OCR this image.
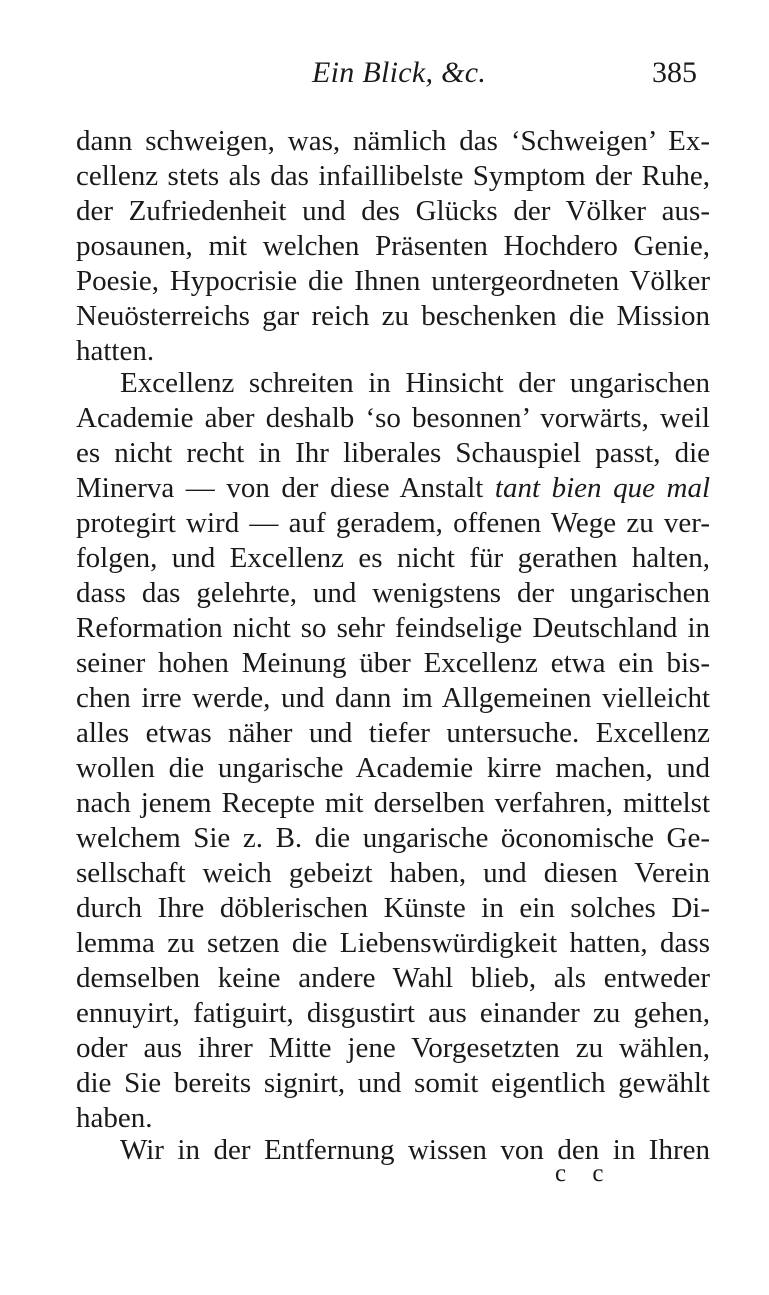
Ein Blick, &c.	385
dann schweigen, was, nämlich das ‘Schweigen’ Ex-
cellenz stets als das infaillibelste Symptom der Ruhe,
der Zufriedenheit und des Glücks der Völker aus-
posaunen, mit welchen Präsenten Hochdero Genie,
Poesie, Hypocrisie die Ihnen untergeordneten Völker
Neuösterreichs gar reich zu beschenken die Mission
hatten.
Excellenz schreiten in Hinsicht der ungarischen
Academie aber deshalb ‘so besonnen’ vorwärts, weil
es nicht recht in Ihr liberales Schauspiel passt, die
Minerva — von der diese Anstalt tant bien que mal
protegirt wird — auf geradem, offenen Wege zu ver-
folgen, und Excellenz es nicht für gerathen halten,
dass das gelehrte, und wenigstens der ungarischen
Reformation nicht so sehr feindselige Deutschland in
seiner hohen Meinung über Excellenz etwa ein bis-
chen irre werde, und dann im Allgemeinen vielleicht
alles etwas näher und tiefer untersuche. Excellenz
wollen die ungarische Academie kirre machen, und
nach jenem Recepte mit derselben verfahren, mittelst
welchem Sie z. B. die ungarische öconomische Ge-
sellschaft weich gebeizt haben, und diesen Verein
durch Ihre döblerischen Künste in ein solches Di-
lemma zu setzen die Liebenswürdigkeit hatten, dass
demselben keine andere Wahl blieb, als entweder
ennuyirt, fatiguirt, disgustirt aus einander zu gehen,
oder aus ihrer Mitte jene Vorgesetzten zu wählen,
die Sie bereits signirt, und somit eigentlich gewählt
haben.
Wir in der Entfernung wissen von den in Ihren
c c
